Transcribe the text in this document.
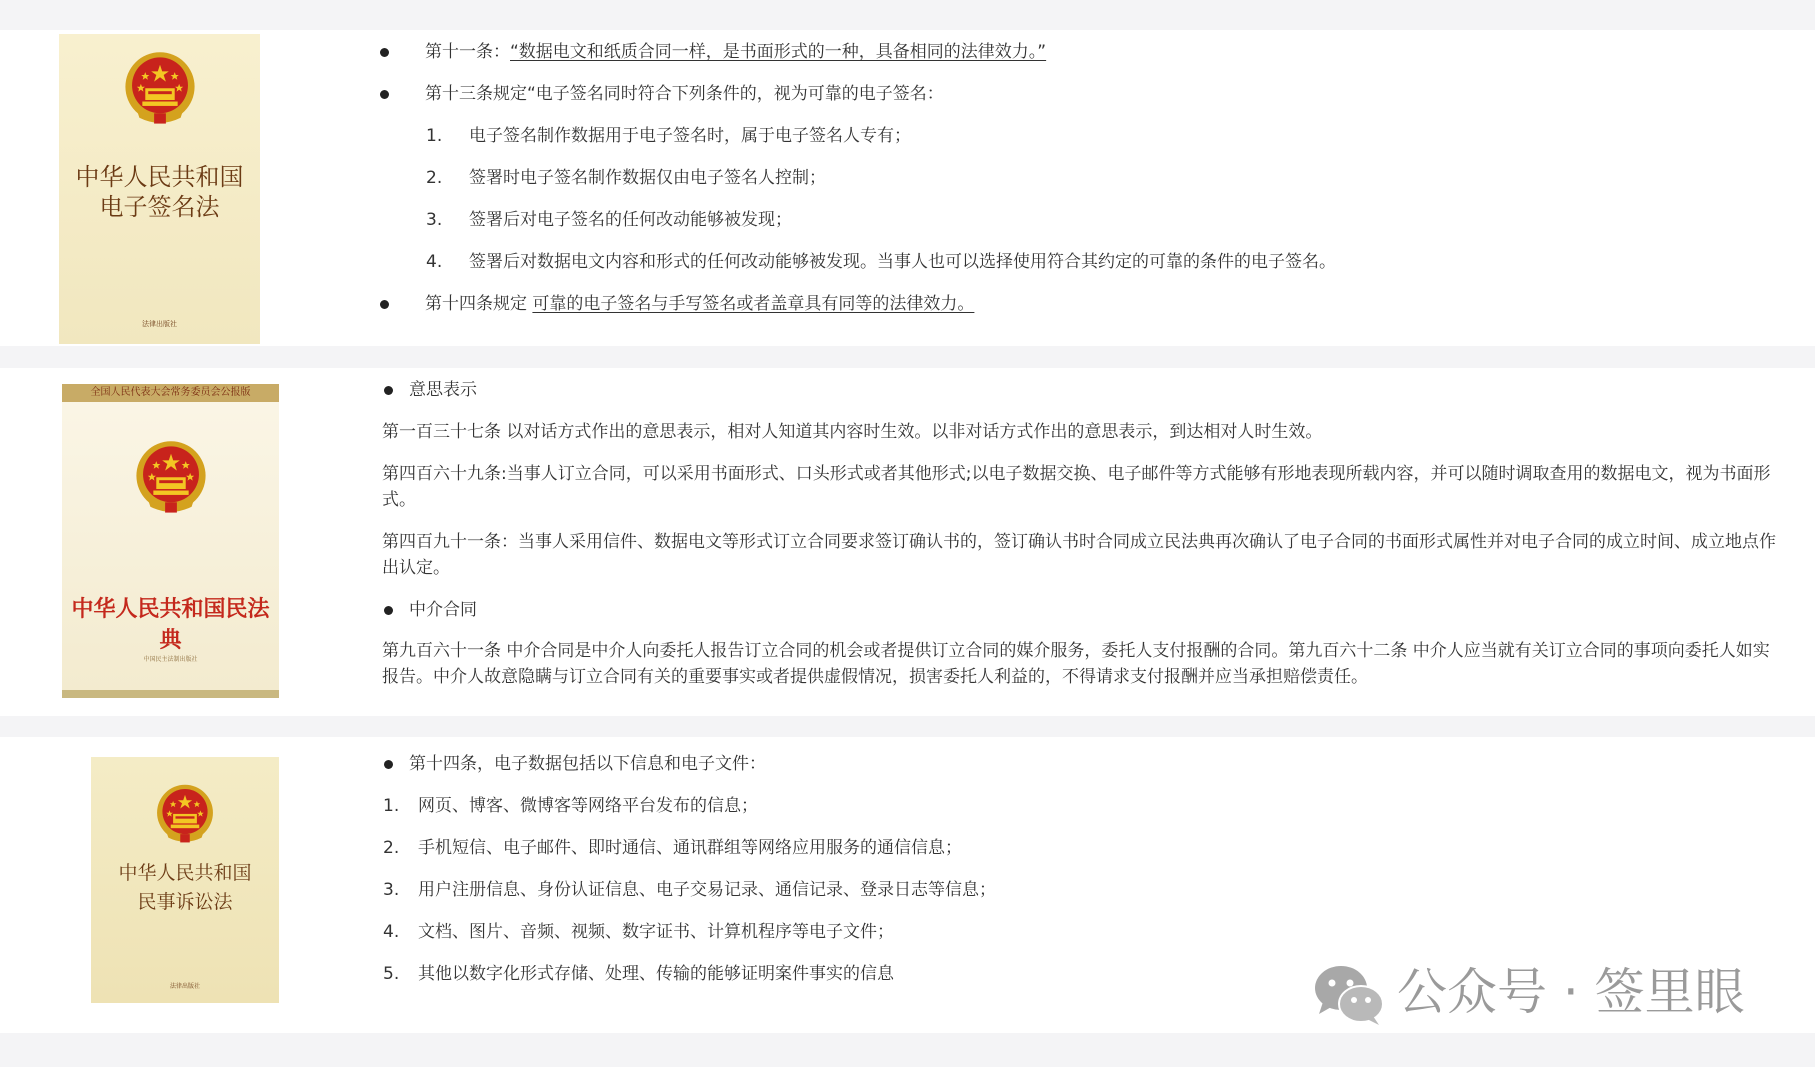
中华人民共和国
电子签名法
法律出版社
第十一条：“数据电文和纸质合同一样，是书面形式的一种，具备相同的法律效力。”
第十三条规定“电子签名同时符合下列条件的，视为可靠的电子签名：
1. 电子签名制作数据用于电子签名时，属于电子签名人专有；
2. 签署时电子签名制作数据仅由电子签名人控制；
3. 签署后对电子签名的任何改动能够被发现；
4. 签署后对数据电文内容和形式的任何改动能够被发现。当事人也可以选择使用符合其约定的可靠的条件的电子签名。
第十四条规定 可靠的电子签名与手写签名或者盖章具有同等的法律效力。
全国人民代表大会常务委员会公报版
中华人民共和国民法典
中国民主法制出版社
意思表示
第一百三十七条 以对话方式作出的意思表示，相对人知道其内容时生效。以非对话方式作出的意思表示，到达相对人时生效。
第四百六十九条:当事人订立合同，可以采用书面形式、口头形式或者其他形式;以电子数据交换、电子邮件等方式能够有形地表现所载内容，并可以随时调取查用的数据电文，视为书面形式。
第四百九十一条：当事人采用信件、数据电文等形式订立合同要求签订确认书的，签订确认书时合同成立民法典再次确认了电子合同的书面形式属性并对电子合同的成立时间、成立地点作出认定。
中介合同
第九百六十一条 中介合同是中介人向委托人报告订立合同的机会或者提供订立合同的媒介服务，委托人支付报酬的合同。第九百六十二条 中介人应当就有关订立合同的事项向委托人如实报告。中介人故意隐瞒与订立合同有关的重要事实或者提供虚假情况，损害委托人利益的，不得请求支付报酬并应当承担赔偿责任。
中华人民共和国
民事诉讼法
法律出版社
第十四条，电子数据包括以下信息和电子文件：
1. 网页、博客、微博客等网络平台发布的信息；
2. 手机短信、电子邮件、即时通信、通讯群组等网络应用服务的通信信息；
3. 用户注册信息、身份认证信息、电子交易记录、通信记录、登录日志等信息；
4. 文档、图片、音频、视频、数字证书、计算机程序等电子文件；
5. 其他以数字化形式存储、处理、传输的能够证明案件事实的信息	公众号 · 签里眼
